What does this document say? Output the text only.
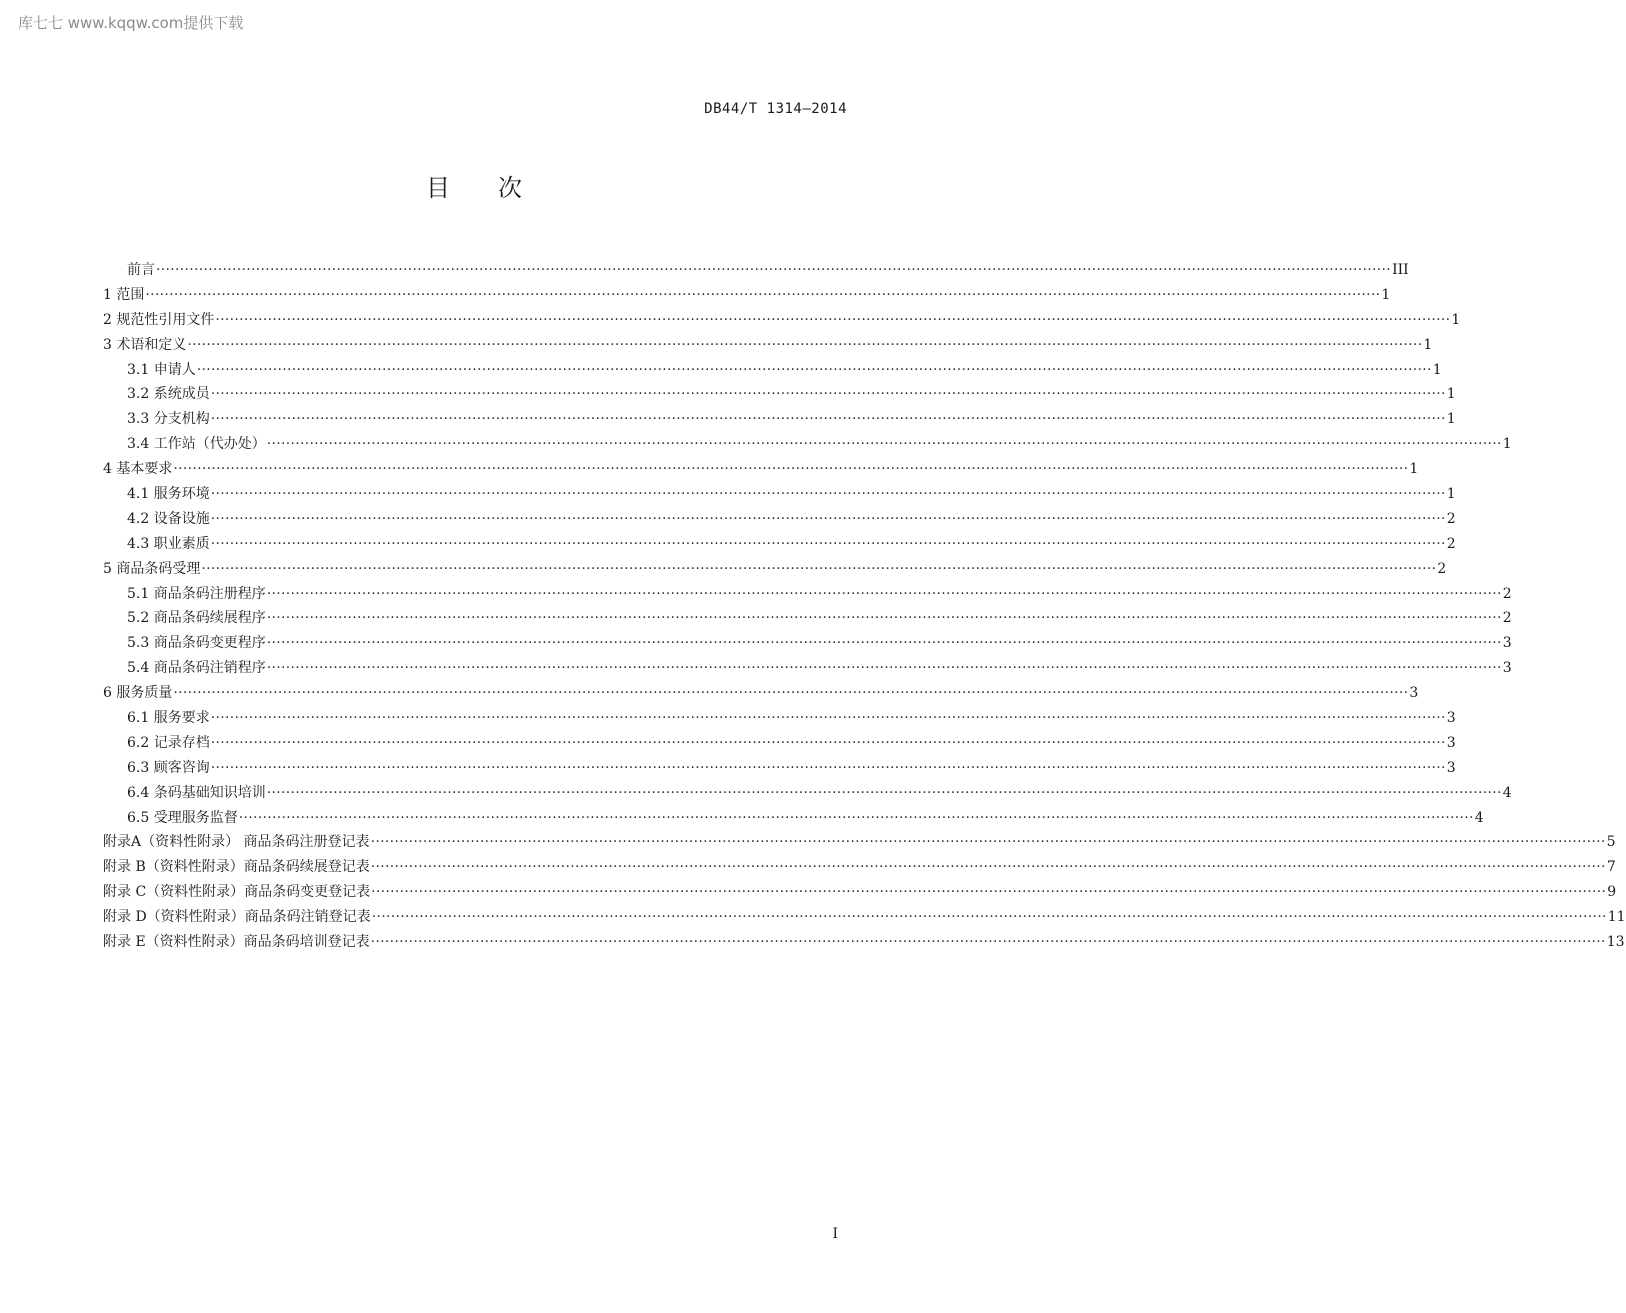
库七七 www.kqqw.com提供下载
DB44/T 1314—2014
目 次
前言 ···································································································································································································································································· III
1 范围 ···································································································································································································································································· 1
2 规范性引用文件 ···································································································································································································································································· 1
3 术语和定义 ···································································································································································································································································· 1
3.1 申请人 ···································································································································································································································································· 1
3.2 系统成员 ···································································································································································································································································· 1
3.3 分支机构 ···································································································································································································································································· 1
3.4 工作站（代办处） ···································································································································································································································································· 1
4 基本要求 ···································································································································································································································································· 1
4.1 服务环境 ···································································································································································································································································· 1
4.2 设备设施 ···································································································································································································································································· 2
4.3 职业素质 ···································································································································································································································································· 2
5 商品条码受理 ···································································································································································································································································· 2
5.1 商品条码注册程序 ···································································································································································································································································· 2
5.2 商品条码续展程序 ···································································································································································································································································· 2
5.3 商品条码变更程序 ···································································································································································································································································· 3
5.4 商品条码注销程序 ···································································································································································································································································· 3
6 服务质量 ···································································································································································································································································· 3
6.1 服务要求 ···································································································································································································································································· 3
6.2 记录存档 ···································································································································································································································································· 3
6.3 顾客咨询 ···································································································································································································································································· 3
6.4 条码基础知识培训 ···································································································································································································································································· 4
6.5 受理服务监督 ···································································································································································································································································· 4
附录A（资料性附录） 商品条码注册登记表 ···································································································································································································································································· 5
附录 B（资料性附录）商品条码续展登记表 ···································································································································································································································································· 7
附录 C（资料性附录）商品条码变更登记表 ···································································································································································································································································· 9
附录 D（资料性附录）商品条码注销登记表 ···································································································································································································································································· 11
附录 E（资料性附录）商品条码培训登记表 ···································································································································································································································································· 13
I
